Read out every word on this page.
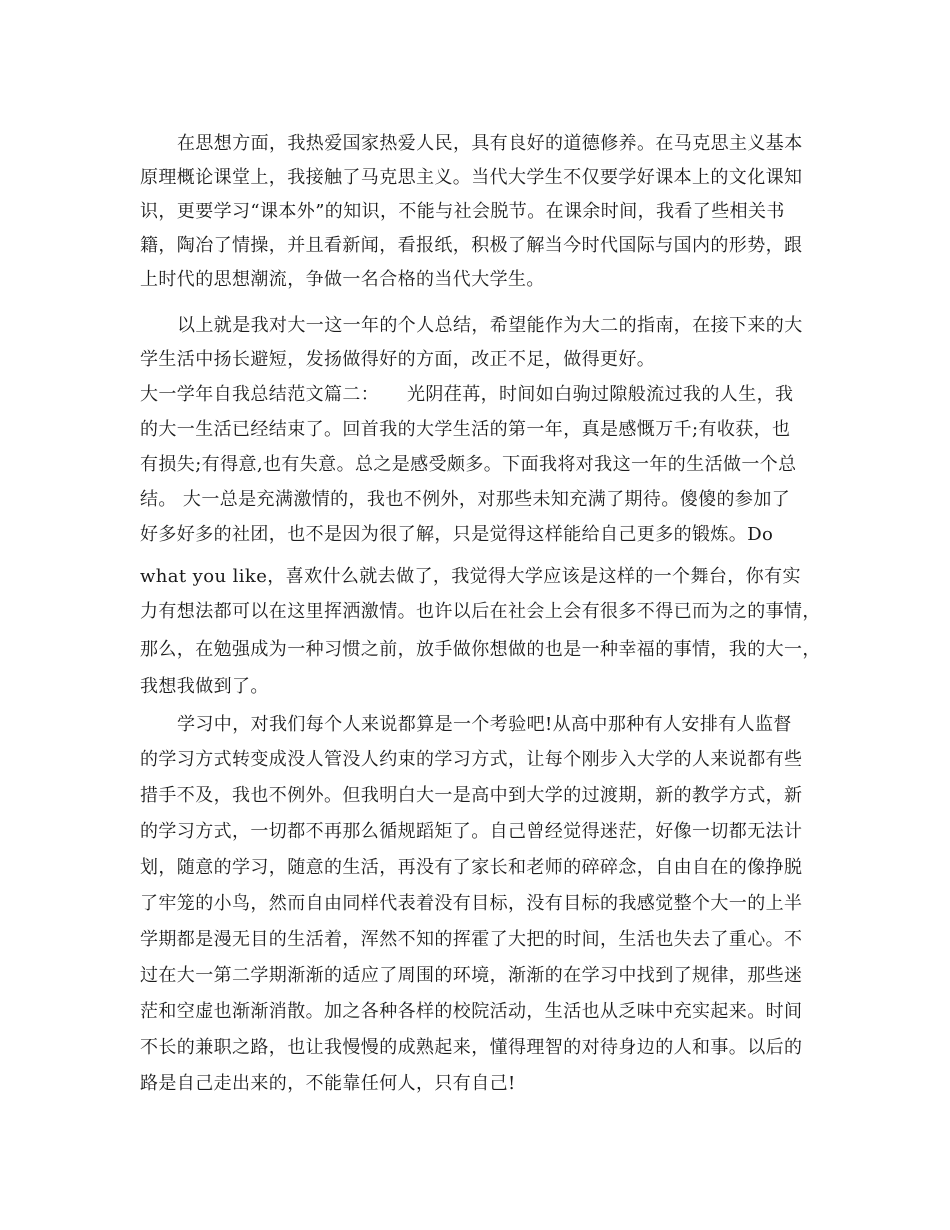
在思想方面，我热爱国家热爱人民，具有良好的道德修养。在马克思主义基本
原理概论课堂上，我接触了马克思主义。当代大学生不仅要学好课本上的文化课知
识，更要学习“课本外”的知识，不能与社会脱节。在课余时间，我看了些相关书
籍，陶冶了情操，并且看新闻，看报纸，积极了解当今时代国际与国内的形势，跟
上时代的思想潮流，争做一名合格的当代大学生。
以上就是我对大一这一年的个人总结，希望能作为大二的指南，在接下来的大
学生活中扬长避短，发扬做得好的方面，改正不足，做得更好。
大一学年自我总结范文篇二：　　光阴荏苒，时间如白驹过隙般流过我的人生，我
的大一生活已经结束了。回首我的大学生活的第一年，真是感慨万千;有收获，也
有损失;有得意,也有失意。总之是感受颇多。下面我将对我这一年的生活做一个总
结。 大一总是充满激情的，我也不例外，对那些未知充满了期待。傻傻的参加了
好多好多的社团，也不是因为很了解，只是觉得这样能给自己更多的锻炼。Do
what you like，喜欢什么就去做了，我觉得大学应该是这样的一个舞台，你有实
力有想法都可以在这里挥洒激情。也许以后在社会上会有很多不得已而为之的事情，
那么，在勉强成为一种习惯之前，放手做你想做的也是一种幸福的事情，我的大一，
我想我做到了。
学习中，对我们每个人来说都算是一个考验吧!从高中那种有人安排有人监督
的学习方式转变成没人管没人约束的学习方式，让每个刚步入大学的人来说都有些
措手不及，我也不例外。但我明白大一是高中到大学的过渡期，新的教学方式，新
的学习方式，一切都不再那么循规蹈矩了。自己曾经觉得迷茫，好像一切都无法计
划，随意的学习，随意的生活，再没有了家长和老师的碎碎念，自由自在的像挣脱
了牢笼的小鸟，然而自由同样代表着没有目标，没有目标的我感觉整个大一的上半
学期都是漫无目的生活着，浑然不知的挥霍了大把的时间，生活也失去了重心。不
过在大一第二学期渐渐的适应了周围的环境，渐渐的在学习中找到了规律，那些迷
茫和空虚也渐渐消散。加之各种各样的校院活动，生活也从乏味中充实起来。时间
不长的兼职之路，也让我慢慢的成熟起来，懂得理智的对待身边的人和事。以后的
路是自己走出来的，不能靠任何人，只有自己!
